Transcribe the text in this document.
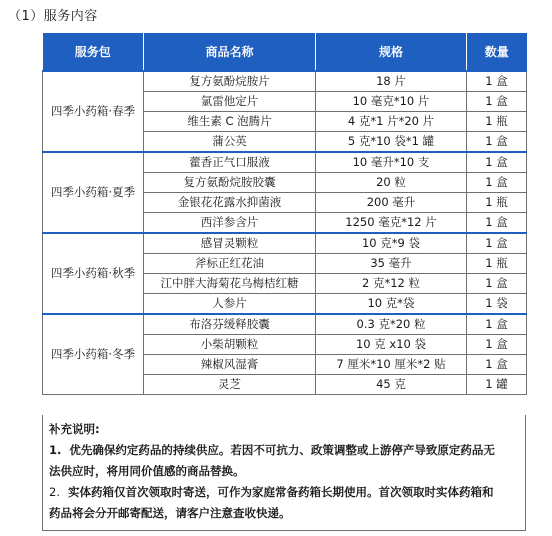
（1）服务内容
服务包	商品名称	规格	数量
四季小药箱·春季	复方氨酚烷胺片	18 片	1 盒
	氯雷他定片	10 毫克*10 片	1 盒
	维生素 C 泡腾片	4 克*1 片*20 片	1 瓶
	蒲公英	5 克*10 袋*1 罐	1 盒
四季小药箱·夏季	藿香正气口服液	10 毫升*10 支	1 盒
	复方氨酚烷胺胶囊	20 粒	1 盒
	金银花花露水抑菌液	200 毫升	1 瓶
	西洋参含片	1250 毫克*12 片	1 盒
四季小药箱·秋季	感冒灵颗粒	10 克*9 袋	1 盒
	斧标正红花油	35 毫升	1 瓶
	江中胖大海菊花乌梅桔红糖	2 克*12 粒	1 盒
	人参片	10 克*袋	1 袋
四季小药箱·冬季	布洛芬缓释胶囊	0.3 克*20 粒	1 盒
	小柴胡颗粒	10 克 x10 袋	1 盒
	辣椒风湿膏	7 厘米*10 厘米*2 贴	1 盒
	灵芝	45 克	1 罐
补充说明:
1. 优先确保约定药品的持续供应。若因不可抗力、政策调整或上游停产导致原定药品无
法供应时，将用同价值感的商品替换。
2. 实体药箱仅首次领取时寄送，可作为家庭常备药箱长期使用。首次领取时实体药箱和
药品将会分开邮寄配送，请客户注意查收快递。
